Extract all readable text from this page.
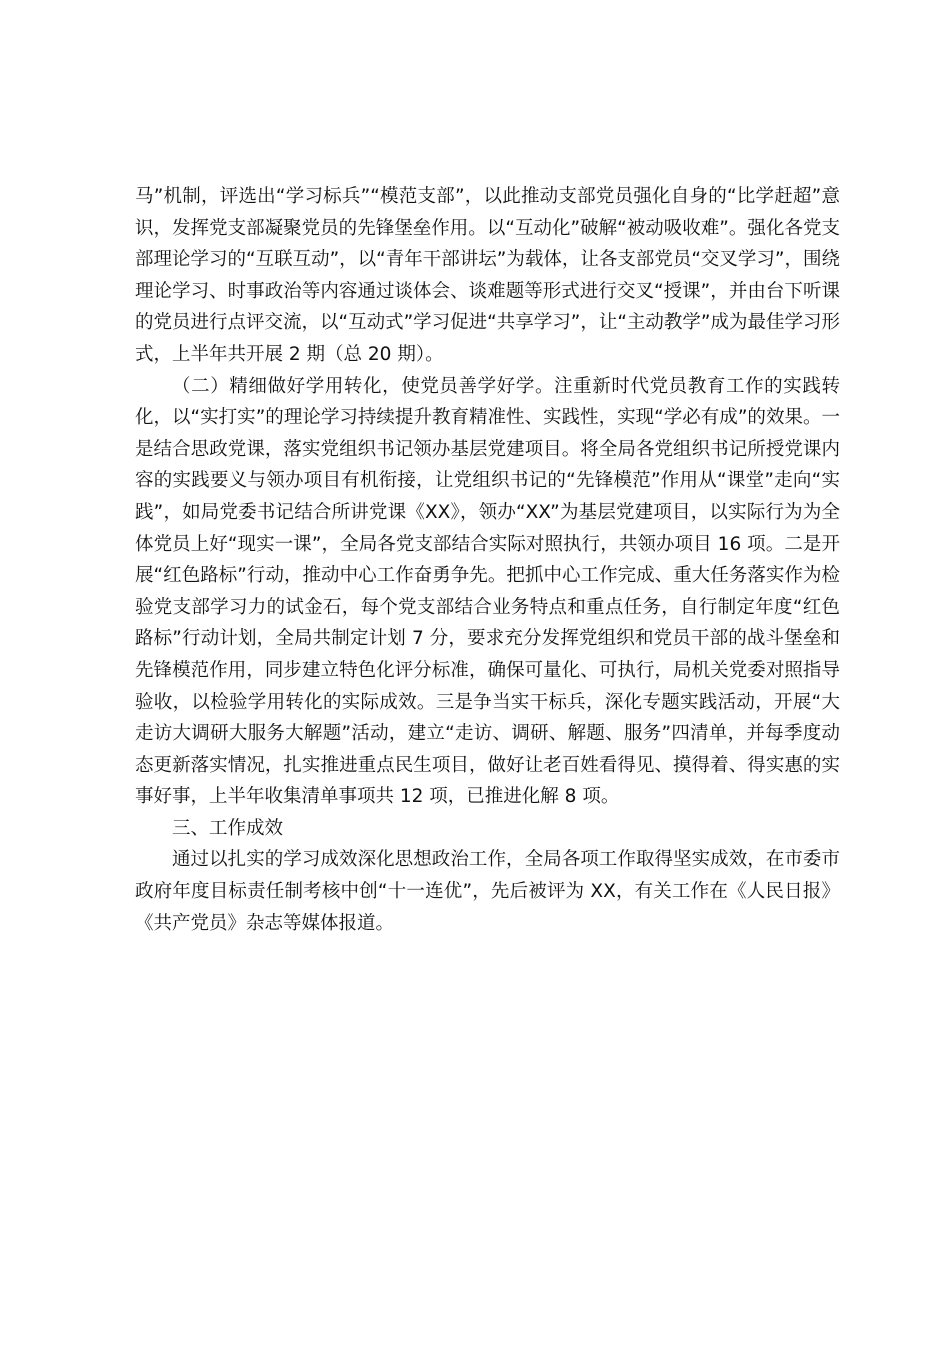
马”机制，评选出“学习标兵”“模范支部”，以此推动支部党员强化自身的“比学赶超”意识，发挥党支部凝聚党员的先锋堡垒作用。以“互动化”破解“被动吸收难”。强化各党支部理论学习的“互联互动”，以“青年干部讲坛”为载体，让各支部党员“交叉学习”，围绕理论学习、时事政治等内容通过谈体会、谈难题等形式进行交叉“授课”，并由台下听课的党员进行点评交流，以“互动式”学习促进“共享学习”，让“主动教学”成为最佳学习形式，上半年共开展 2 期（总 20 期）。

（二）精细做好学用转化，使党员善学好学。注重新时代党员教育工作的实践转化，以“实打实”的理论学习持续提升教育精准性、实践性，实现“学必有成”的效果。一是结合思政党课，落实党组织书记领办基层党建项目。将全局各党组织书记所授党课内容的实践要义与领办项目有机衔接，让党组织书记的“先锋模范”作用从“课堂”走向“实践”，如局党委书记结合所讲党课《XX》，领办“XX”为基层党建项目，以实际行为为全体党员上好“现实一课”，全局各党支部结合实际对照执行，共领办项目 16 项。二是开展“红色路标”行动，推动中心工作奋勇争先。把抓中心工作完成、重大任务落实作为检验党支部学习力的试金石，每个党支部结合业务特点和重点任务，自行制定年度“红色路标”行动计划，全局共制定计划 7 分，要求充分发挥党组织和党员干部的战斗堡垒和先锋模范作用，同步建立特色化评分标准，确保可量化、可执行，局机关党委对照指导验收，以检验学用转化的实际成效。三是争当实干标兵，深化专题实践活动，开展“大走访大调研大服务大解题”活动，建立“走访、调研、解题、服务”四清单，并每季度动态更新落实情况，扎实推进重点民生项目，做好让老百姓看得见、摸得着、得实惠的实事好事，上半年收集清单事项共 12 项，已推进化解 8 项。

三、工作成效

通过以扎实的学习成效深化思想政治工作，全局各项工作取得坚实成效，在市委市政府年度目标责任制考核中创“十一连优”，先后被评为 XX，有关工作在《人民日报》《共产党员》杂志等媒体报道。
